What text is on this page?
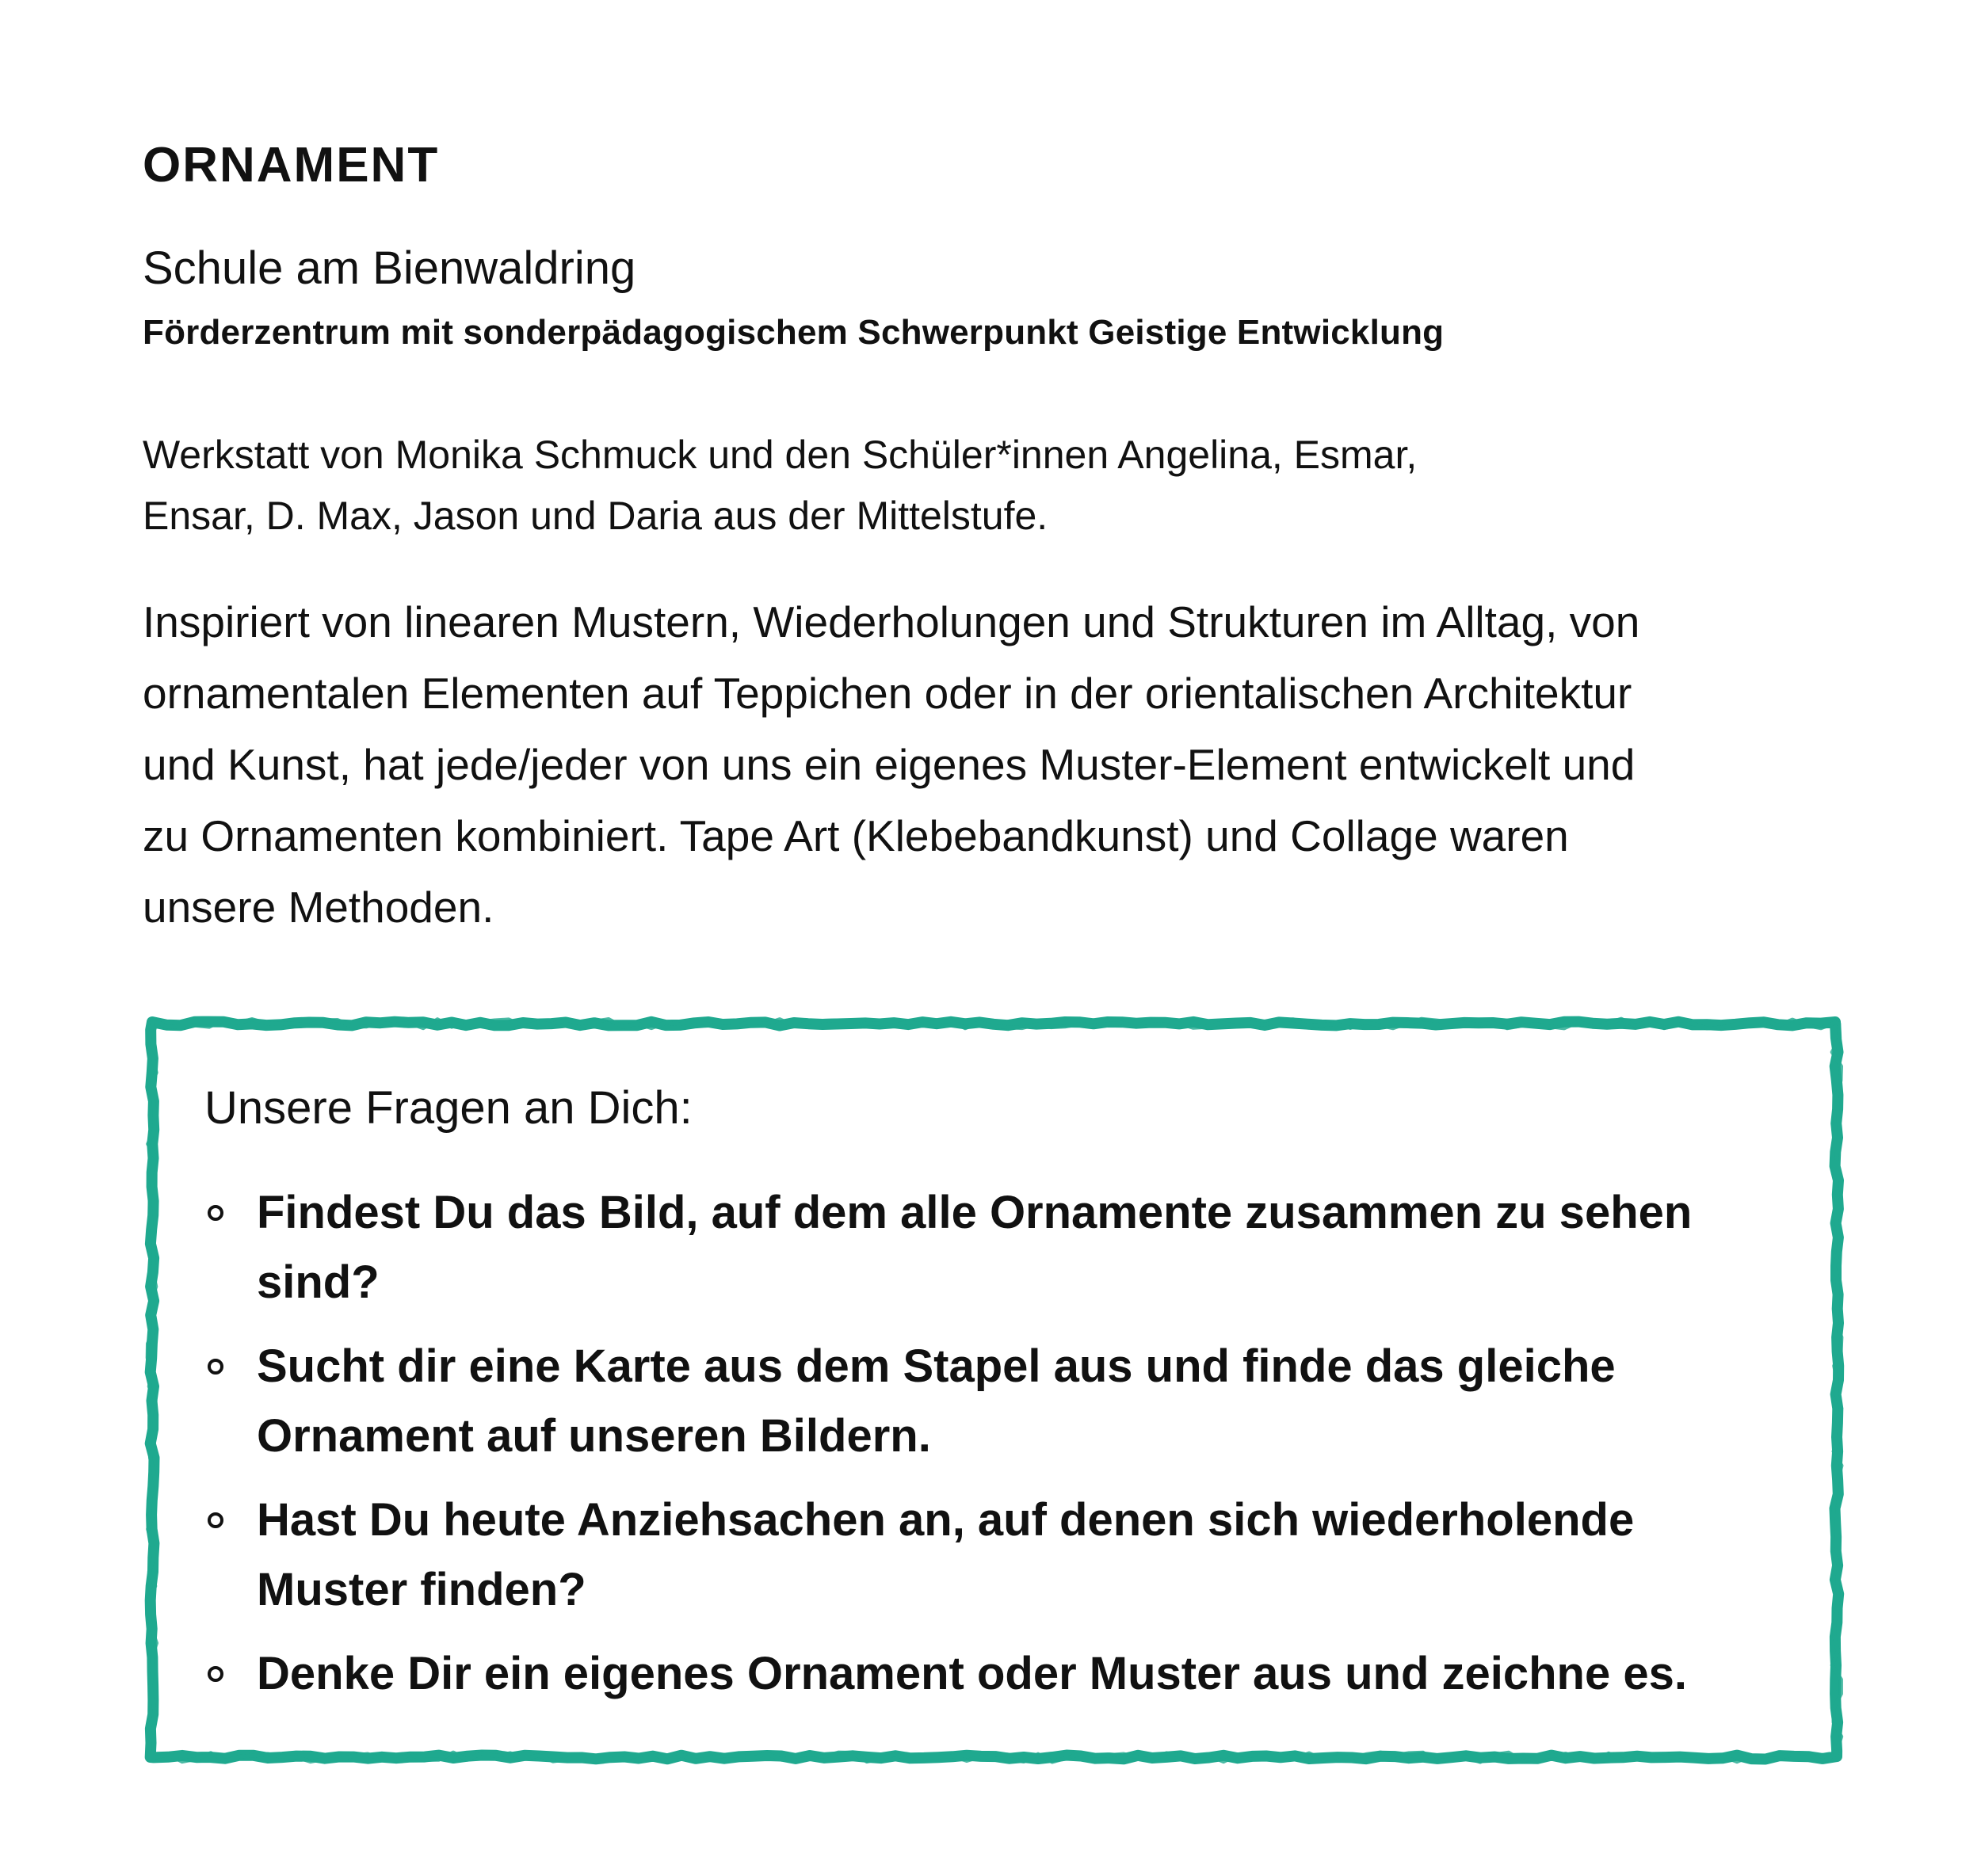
ORNAMENT
Schule am Bienwaldring

Förderzentrum mit sonderpädagogischem Schwerpunkt Geistige Entwicklung

Werkstatt von Monika Schmuck und den Schüler*innen Angelina, Esmar,
Ensar, D. Max, Jason und Daria aus der Mittelstufe.

Inspiriert von linearen Mustern, Wiederholungen und Strukturen im Alltag, von
ornamentalen Elementen auf Teppichen oder in der orientalischen Architektur
und Kunst, hat jede/jeder von uns ein eigenes Muster-Element entwickelt und
zu Ornamenten kombiniert. Tape Art (Klebebandkunst) und Collage waren
unsere Methoden.

Unsere Fragen an Dich:
Findest Du das Bild, auf dem alle Ornamente zusammen zu sehen
sind?
Sucht dir eine Karte aus dem Stapel aus und finde das gleiche
Ornament auf unseren Bildern.
Hast Du heute Anziehsachen an, auf denen sich wiederholende
Muster finden?
Denke Dir ein eigenes Ornament oder Muster aus und zeichne es.
